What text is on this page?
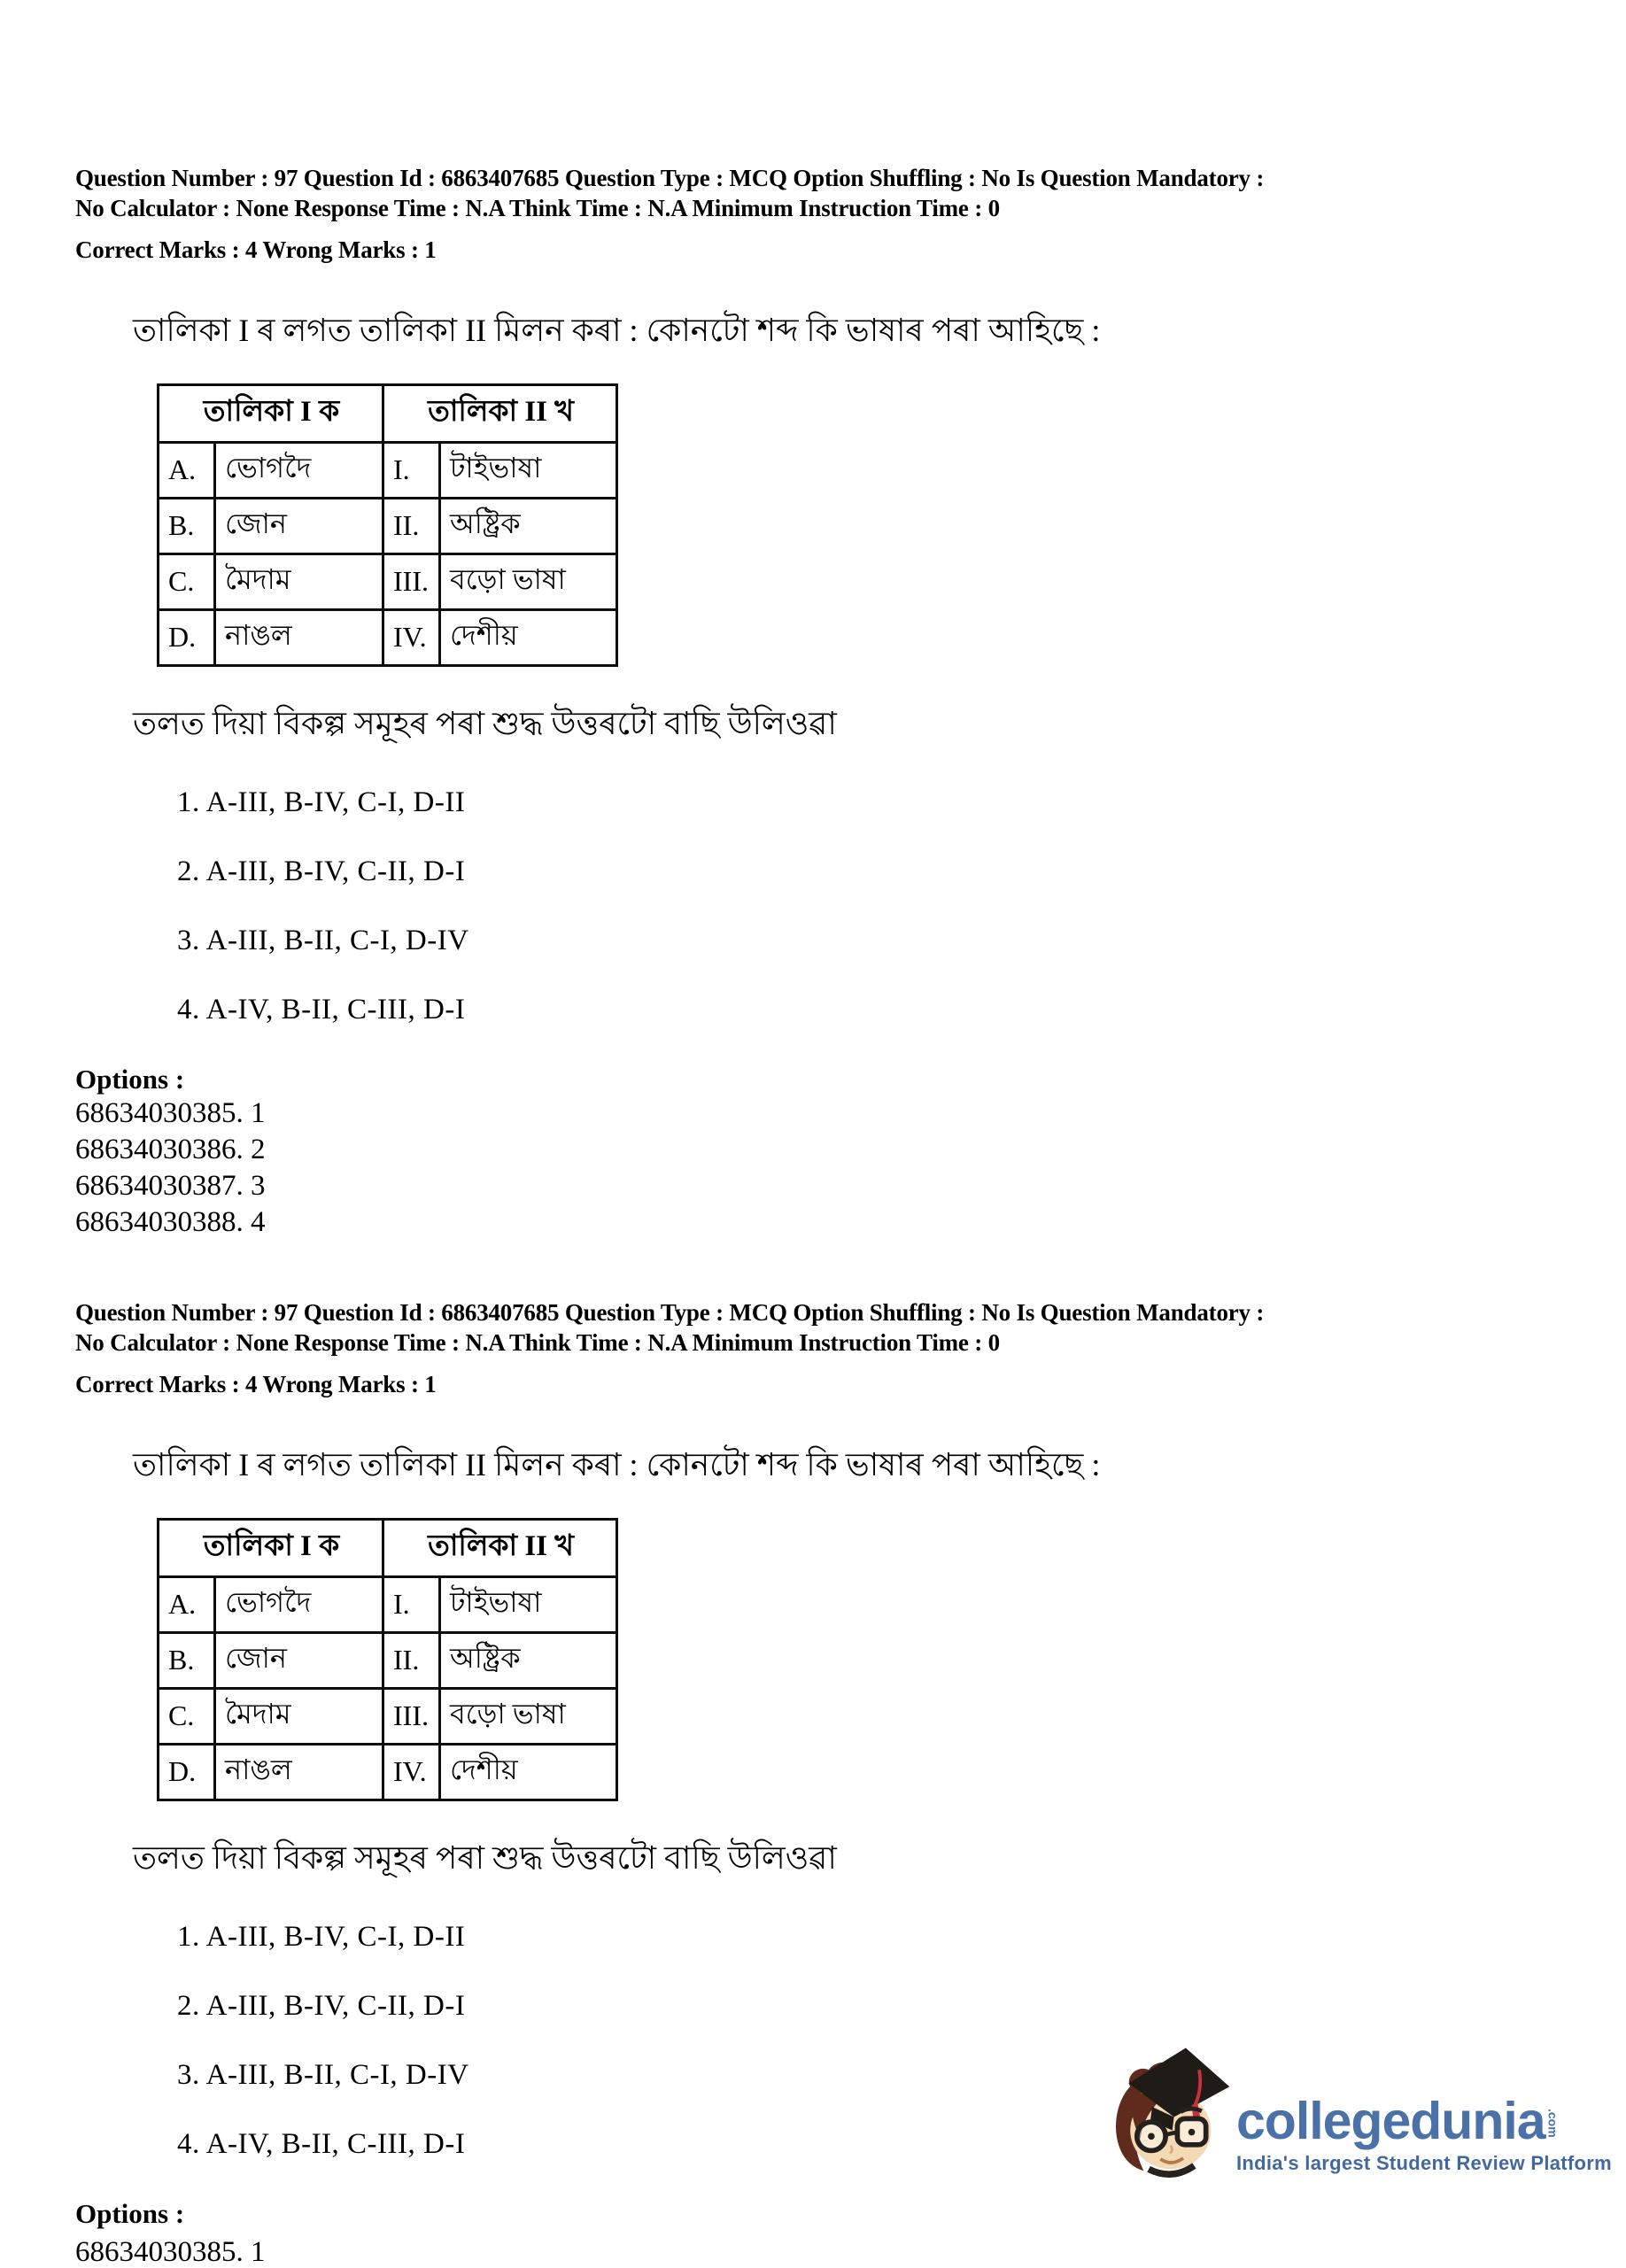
Question Number : 97 Question Id : 6863407685 Question Type : MCQ Option Shuffling : No Is Question Mandatory :

No Calculator : None Response Time : N.A Think Time : N.A Minimum Instruction Time : 0

Correct Marks : 4 Wrong Marks : 1

তালিকা I ৰ লগত তালিকা II মিলন কৰা : কোনটো শব্দ কি ভাষাৰ পৰা আহিছে :

তালিকা I ক		তালিকা II খ	
A.	ভোগদৈ	I.	টাইভাষা
B.	জোন	II.	অষ্ট্রিক
C.	মৈদাম	III.	বড়ো ভাষা
D.	নাঙল	IV.	দেশীয়

তলত দিয়া বিকল্প সমূহৰ পৰা শুদ্ধ উত্তৰটো বাছি উলিওৱা

1. A-III, B-IV, C-I, D-II

2. A-III, B-IV, C-II, D-I

3. A-III, B-II, C-I, D-IV

4. A-IV, B-II, C-III, D-I

Options :

68634030385. 1

68634030386. 2

68634030387. 3

68634030388. 4

Question Number : 97 Question Id : 6863407685 Question Type : MCQ Option Shuffling : No Is Question Mandatory :

No Calculator : None Response Time : N.A Think Time : N.A Minimum Instruction Time : 0

Correct Marks : 4 Wrong Marks : 1

তালিকা I ৰ লগত তালিকা II মিলন কৰা : কোনটো শব্দ কি ভাষাৰ পৰা আহিছে :

তালিকা I ক		তালিকা II খ	
A.	ভোগদৈ	I.	টাইভাষা
B.	জোন	II.	অষ্ট্রিক
C.	মৈদাম	III.	বড়ো ভাষা
D.	নাঙল	IV.	দেশীয়

তলত দিয়া বিকল্প সমূহৰ পৰা শুদ্ধ উত্তৰটো বাছি উলিওৱা

1. A-III, B-IV, C-I, D-II

2. A-III, B-IV, C-II, D-I

3. A-III, B-II, C-I, D-IV

4. A-IV, B-II, C-III, D-I

Options :

68634030385. 1

collegedunia .com
India's largest Student Review Platform
